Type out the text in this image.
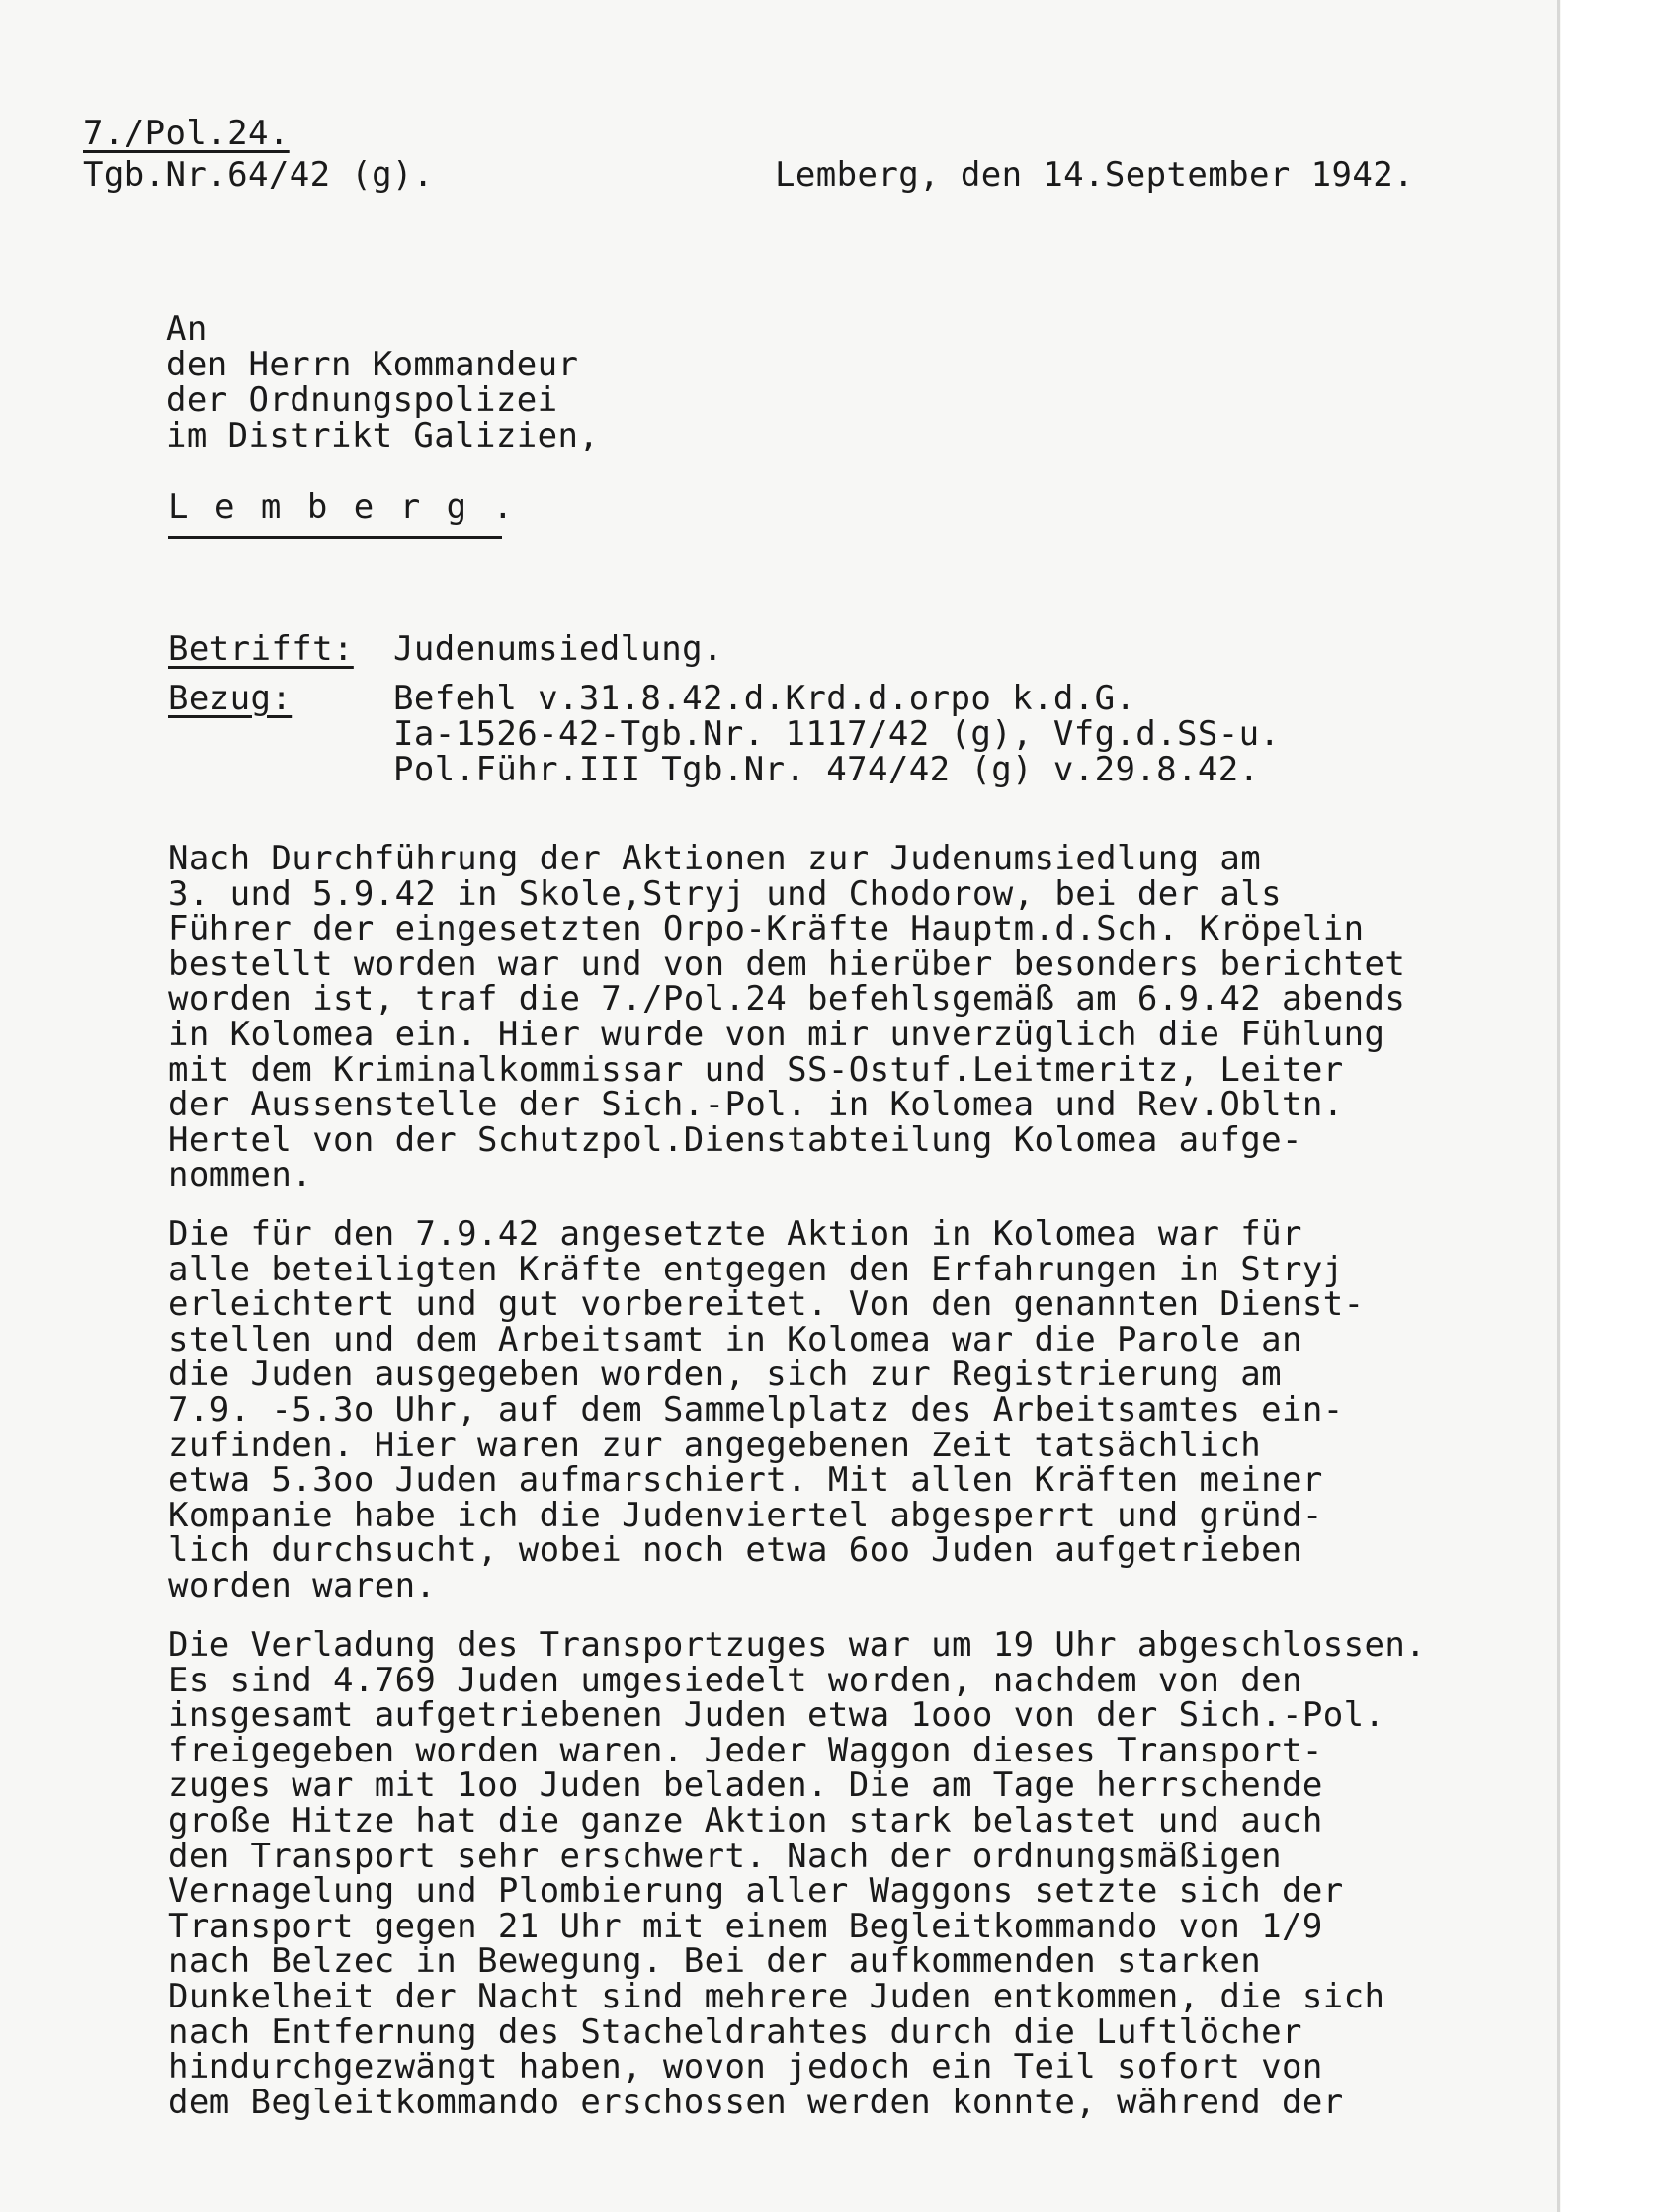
7./Pol.24.
Tgb.Nr.64/42 (g).	Lemberg, den 14.September 1942.
An
den Herrn Kommandeur
der Ordnungspolizei
im Distrikt Galizien,
L e m b e r g .
Betrifft: Judenumsiedlung.
Bezug:	Befehl v.31.8.42.d.Krd.d.orpo k.d.G.
Ia-1526-42-Tgb.Nr. 1117/42 (g), Vfg.d.SS-u.
Pol.Führ.III Tgb.Nr. 474/42 (g) v.29.8.42.
Nach Durchführung der Aktionen zur Judenumsiedlung am
3. und 5.9.42 in Skole,Stryj und Chodorow, bei der als
Führer der eingesetzten Orpo-Kräfte Hauptm.d.Sch. Kröpelin
bestellt worden war und von dem hierüber besonders berichtet
worden ist, traf die 7./Pol.24 befehlsgemäß am 6.9.42 abends
in Kolomea ein. Hier wurde von mir unverzüglich die Fühlung
mit dem Kriminalkommissar und SS-Ostuf.Leitmeritz, Leiter
der Aussenstelle der Sich.-Pol. in Kolomea und Rev.Obltn.
Hertel von der Schutzpol.Dienstabteilung Kolomea aufge-
nommen.
Die für den 7.9.42 angesetzte Aktion in Kolomea war für
alle beteiligten Kräfte entgegen den Erfahrungen in Stryj
erleichtert und gut vorbereitet. Von den genannten Dienst-
stellen und dem Arbeitsamt in Kolomea war die Parole an
die Juden ausgegeben worden, sich zur Registrierung am
7.9. -5.3o Uhr, auf dem Sammelplatz des Arbeitsamtes ein-
zufinden. Hier waren zur angegebenen Zeit tatsächlich
etwa 5.3oo Juden aufmarschiert. Mit allen Kräften meiner
Kompanie habe ich die Judenviertel abgesperrt und gründ-
lich durchsucht, wobei noch etwa 6oo Juden aufgetrieben
worden waren.
Die Verladung des Transportzuges war um 19 Uhr abgeschlossen.
Es sind 4.769 Juden umgesiedelt worden, nachdem von den
insgesamt aufgetriebenen Juden etwa 1ooo von der Sich.-Pol.
freigegeben worden waren. Jeder Waggon dieses Transport-
zuges war mit 1oo Juden beladen. Die am Tage herrschende
große Hitze hat die ganze Aktion stark belastet und auch
den Transport sehr erschwert. Nach der ordnungsmäßigen
Vernagelung und Plombierung aller Waggons setzte sich der
Transport gegen 21 Uhr mit einem Begleitkommando von 1/9
nach Belzec in Bewegung. Bei der aufkommenden starken
Dunkelheit der Nacht sind mehrere Juden entkommen, die sich
nach Entfernung des Stacheldrahtes durch die Luftlöcher
hindurchgezwängt haben, wovon jedoch ein Teil sofort von
dem Begleitkommando erschossen werden konnte, während der
